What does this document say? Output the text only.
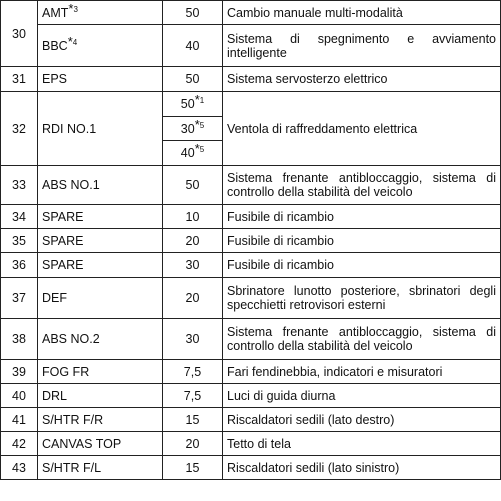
30	AMT$^{*3}$	50	Cambio manuale multi-modalità
	BBC$^{*4}$	40	Sistema di spegnimento e avviamento intelligente
31	EPS	50	Sistema servosterzo elettrico
32	RDI NO.1	50$^{*1}$	Ventola di raffreddamento elettrica
		30$^{*5}$
		40$^{*5}$
33	ABS NO.1	50	Sistema frenante antibloccaggio, sistema di controllo della stabilità del veicolo
34	SPARE	10	Fusibile di ricambio
35	SPARE	20	Fusibile di ricambio
36	SPARE	30	Fusibile di ricambio
37	DEF	20	Sbrinatore lunotto posteriore, sbrinatori degli specchietti retrovisori esterni
38	ABS NO.2	30	Sistema frenante antibloccaggio, sistema di controllo della stabilità del veicolo
39	FOG FR	7,5	Fari fendinebbia, indicatori e misuratori
40	DRL	7,5	Luci di guida diurna
41	S/HTR F/R	15	Riscaldatori sedili (lato destro)
42	CANVAS TOP	20	Tetto di tela
43	S/HTR F/L	15	Riscaldatori sedili (lato sinistro)
